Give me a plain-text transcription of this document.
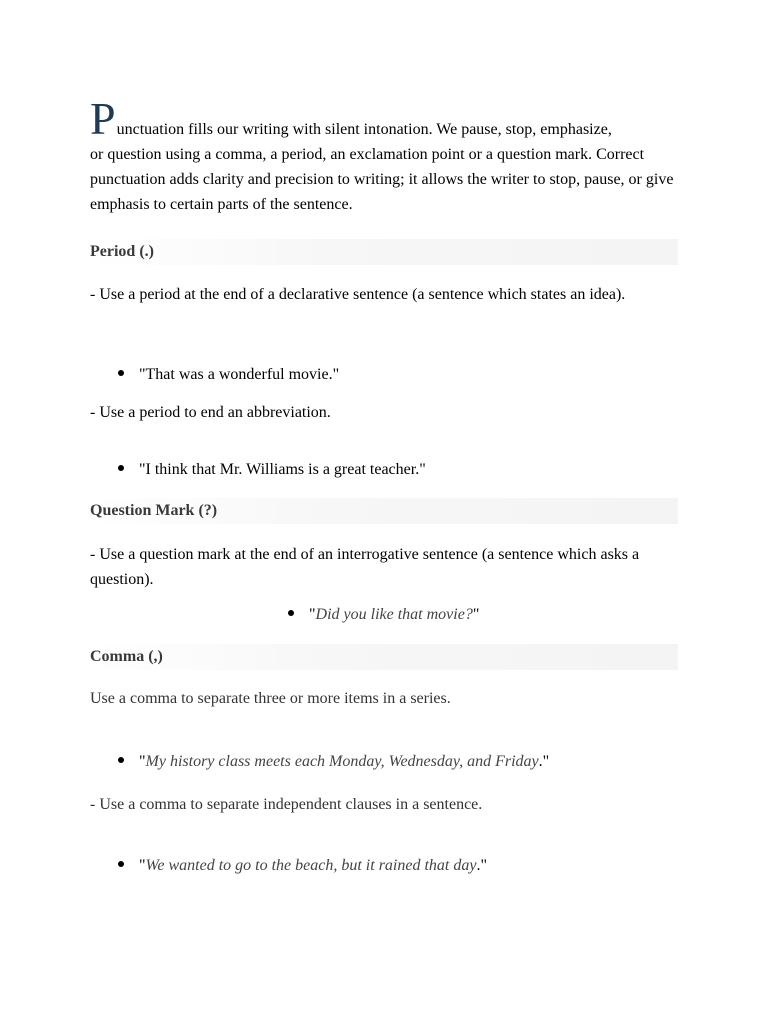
P unctuation fills our writing with silent intonation. We pause, stop, emphasize,
or question using a comma, a period, an exclamation point or a question mark. Correct punctuation adds clarity and precision to writing; it allows the writer to stop, pause, or give emphasis to certain parts of the sentence.
Period (.)
- Use a period at the end of a declarative sentence (a sentence which states an idea).
"That was a wonderful movie."
- Use a period to end an abbreviation.
"I think that Mr. Williams is a great teacher."
Question Mark (?)
- Use a question mark at the end of an interrogative sentence (a sentence which asks a question).
"Did you like that movie?"
Comma (,)
Use a comma to separate three or more items in a series.
"My history class meets each Monday, Wednesday, and Friday."
- Use a comma to separate independent clauses in a sentence.
"We wanted to go to the beach, but it rained that day."
